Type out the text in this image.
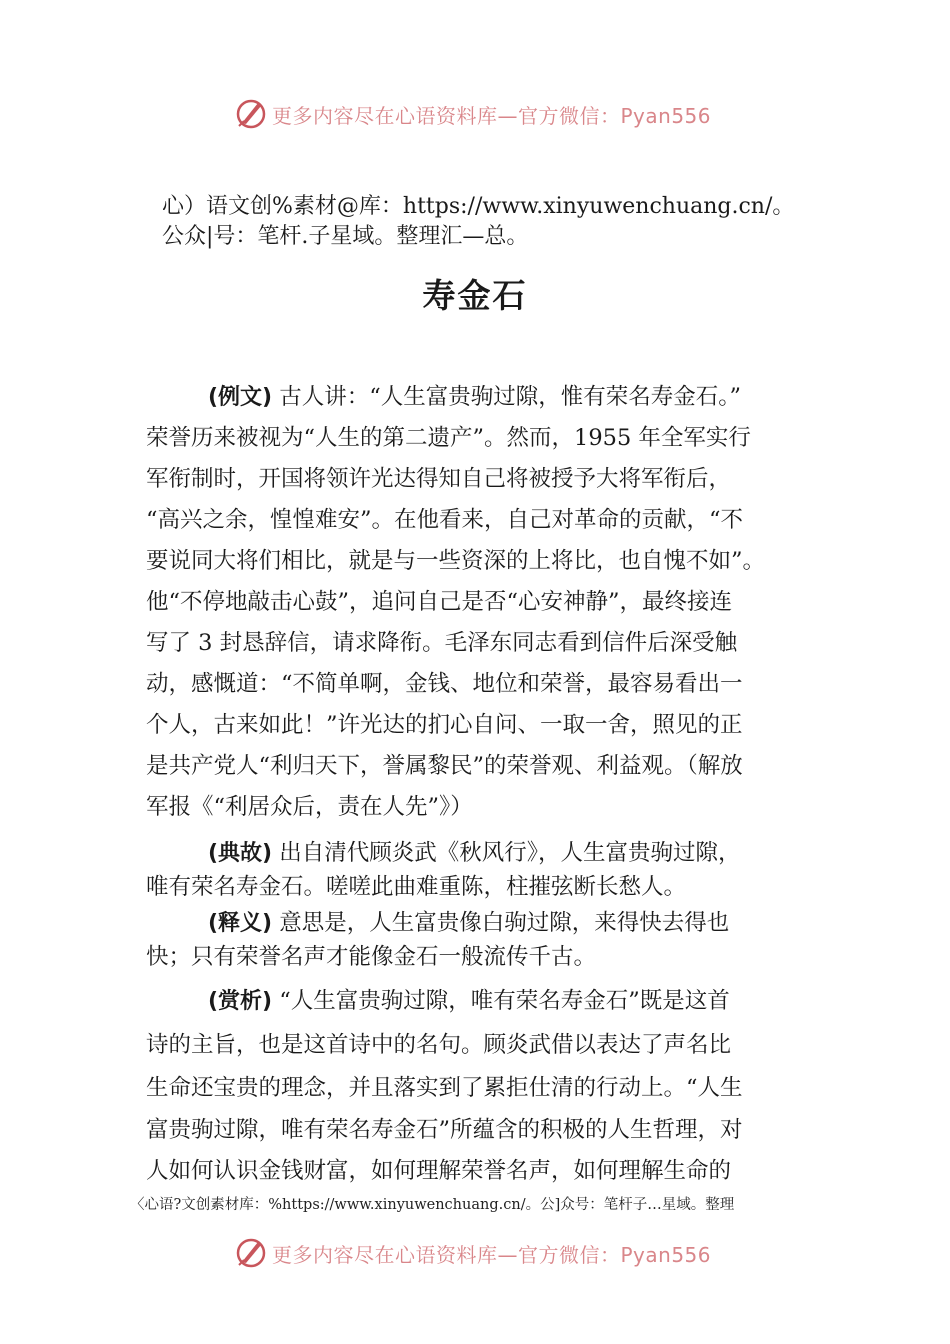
更多内容尽在心语资料库—官方微信：Pyan556
心）语文创%素材@库：https://www.xinyuwenchuang.cn/。
公众|号：笔杆.子星域。整理汇—总。
寿金石
(例文) 古人讲：“人生富贵驹过隙，惟有荣名寿金石。”
荣誉历来被视为“人生的第二遗产”。然而，1955 年全军实行
军衔制时，开国将领许光达得知自己将被授予大将军衔后，
“高兴之余，惶惶难安”。在他看来，自己对革命的贡献，“不
要说同大将们相比，就是与一些资深的上将比，也自愧不如”。
他“不停地敲击心鼓”，追问自己是否“心安神静”，最终接连
写了 3 封恳辞信，请求降衔。毛泽东同志看到信件后深受触
动，感慨道：“不简单啊，金钱、地位和荣誉，最容易看出一
个人，古来如此！”许光达的扪心自问、一取一舍，照见的正
是共产党人“利归天下，誉属黎民”的荣誉观、利益观。（解放
军报《“利居众后，责在人先”》）
(典故) 出自清代顾炎武《秋风行》，人生富贵驹过隙，
唯有荣名寿金石。嗟嗟此曲难重陈，柱摧弦断长愁人。
(释义) 意思是，人生富贵像白驹过隙，来得快去得也
快；只有荣誉名声才能像金石一般流传千古。
(赏析) “人生富贵驹过隙，唯有荣名寿金石”既是这首
诗的主旨，也是这首诗中的名句。顾炎武借以表达了声名比
生命还宝贵的理念，并且落实到了累拒仕清的行动上。“人生
富贵驹过隙，唯有荣名寿金石”所蕴含的积极的人生哲理，对
人如何认识金钱财富，如何理解荣誉名声，如何理解生命的
〈心语?文创素材库：%https://www.xinyuwenchuang.cn/。公]众号：笔杆子…星域。整理
更多内容尽在心语资料库—官方微信：Pyan556
